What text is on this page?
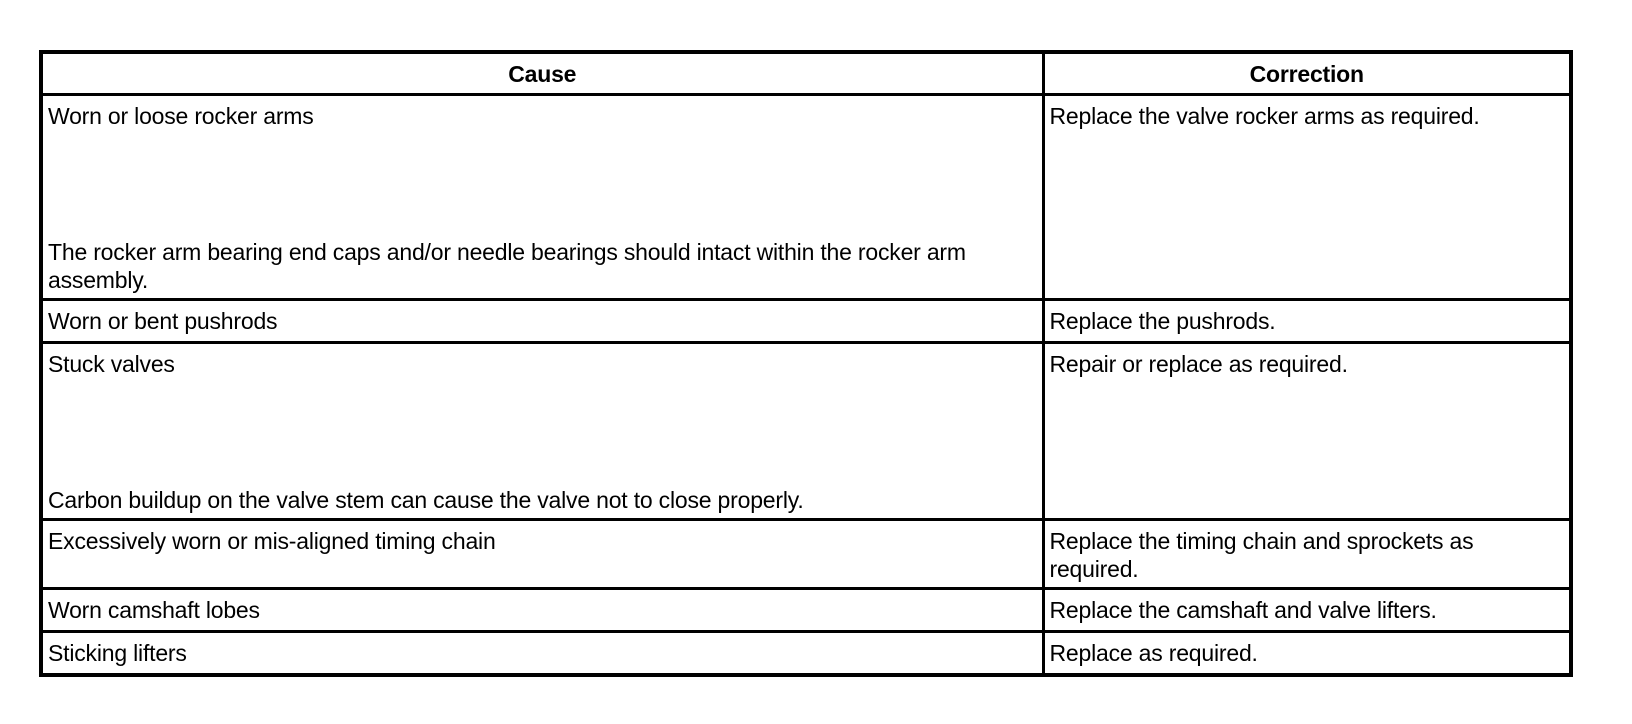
Cause	Correction

Worn or loose rocker arms
The rocker arm bearing end caps and/or needle bearings should intact within the rocker arm assembly.	Replace the valve rocker arms as required.
Worn or bent pushrods	Replace the pushrods.

Stuck valves
Carbon buildup on the valve stem can cause the valve not to close properly.	Repair or replace as required.
Excessively worn or mis-aligned timing chain	Replace the timing chain and sprockets as required.
Worn camshaft lobes	Replace the camshaft and valve lifters.
Sticking lifters	Replace as required.
